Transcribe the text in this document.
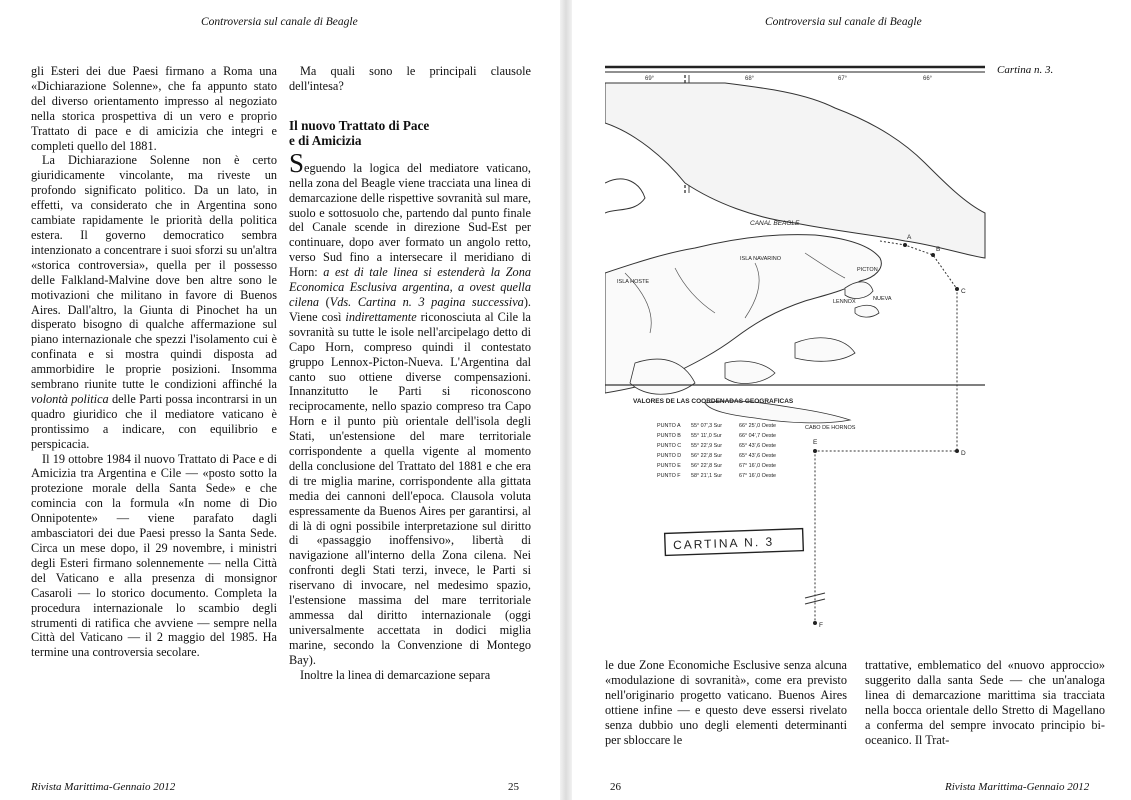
Controversia sul canale di Beagle

gli Esteri dei due Paesi firmano a Roma una «Dichiarazione Solenne», che fa appunto stato del diverso orientamento impresso al negoziato nella storica prospettiva di un vero e proprio Trattato di pace e di amicizia che integri e completi quello del 1881.

La Dichiarazione Solenne non è certo giuridicamente vincolante, ma riveste un profondo significato politico. Da un lato, in effetti, va considerato che in Argentina sono cambiate rapidamente le priorità della politica estera. Il governo democratico sembra intenzionato a concentrare i suoi sforzi su un'altra «storica controversia», quella per il possesso delle Falkland-Malvine dove ben altre sono le motivazioni che militano in favore di Buenos Aires. Dall'altro, la Giunta di Pinochet ha un disperato bisogno di qualche affermazione sul piano internazionale che spezzi l'isolamento cui è confinata e si mostra quindi disposta ad ammorbidire le proprie posizioni. Insomma sembrano riunite tutte le condizioni affinché la volontà politica delle Parti possa incontrarsi in un quadro giuridico che il mediatore vaticano è prontissimo a indicare, con equilibrio e perspicacia.

Il 19 ottobre 1984 il nuovo Trattato di Pace e di Amicizia tra Argentina e Cile — «posto sotto la protezione morale della Santa Sede» e che comincia con la formula «In nome di Dio Onnipotente» — viene parafato dagli ambasciatori dei due Paesi presso la Santa Sede. Circa un mese dopo, il 29 novembre, i ministri degli Esteri firmano solennemente — nella Città del Vaticano e alla presenza di monsignor Casaroli — lo storico documento. Completa la procedura internazionale lo scambio degli strumenti di ratifica che avviene — sempre nella Città del Vaticano — il 2 maggio del 1985. Ha termine una controversia secolare.

Ma quali sono le principali clausole dell'intesa?

Il nuovo Trattato di Pace
e di Amicizia

Seguendo la logica del mediatore vaticano, nella zona del Beagle viene tracciata una linea di demarcazione delle rispettive sovranità sul mare, suolo e sottosuolo che, partendo dal punto finale del Canale scende in direzione Sud-Est per continuare, dopo aver formato un angolo retto, verso Sud fino a intersecare il meridiano di Horn: a est di tale linea si estenderà la Zona Economica Esclusiva argentina, a ovest quella cilena (Vds. Cartina n. 3 pagina successiva). Viene così indirettamente riconosciuta al Cile la sovranità su tutte le isole nell'arcipelago detto di Capo Horn, compreso quindi il contestato gruppo Lennox-Picton-Nueva. L'Argentina dal canto suo ottiene diverse compensazioni. Innanzitutto le Parti si riconoscono reciprocamente, nello spazio compreso tra Capo Horn e il punto più orientale dell'isola degli Stati, un'estensione del mare territoriale corrispondente a quella vigente al momento della conclusione del Trattato del 1881 e che era di tre miglia marine, corrispondente alla gittata media dei cannoni dell'epoca. Clausola voluta espressamente da Buenos Aires per garantirsi, al di là di ogni possibile interpretazione sul diritto di «passaggio inoffensivo», libertà di navigazione all'interno della Zona cilena. Nei confronti degli Stati terzi, invece, le Parti si riservano di invocare, nel medesimo spazio, l'estensione massima del mare territoriale ammessa dal diritto internazionale (oggi universalmente accettata in dodici miglia marine, secondo la Convenzione di Montego Bay).

Inoltre la linea di demarcazione separa

Rivista Marittima-Gennaio 2012	25
Controversia sul canale di Beagle
69°	68°	67°	66°
CANAL BEAGLE
ISLA NAVARINO
ISLA HOSTE
PICTON
LENNOX	NUEVA
CABO DE HORNOS
A
B
C
D
E
F
VALORES DE LAS COORDENADAS GEOGRAFICAS
PUNTO A 55° 07',3 Sur	66° 25',0 Oeste
PUNTO B 55° 11',0 Sur	66° 04',7 Oeste
PUNTO C 55° 22',9 Sur	65° 43',6 Oeste
PUNTO D 56° 22',8 Sur	65° 43',6 Oeste
PUNTO E 56° 22',8 Sur	67° 16',0 Oeste
PUNTO F 58° 21',1 Sur	67° 16',0 Oeste
CARTINA N. 3
Cartina n. 3.

le due Zone Economiche Esclusive senza alcuna «modulazione di sovranità», come era previsto nell'originario progetto vaticano. Buenos Aires ottiene infine — e questo deve essersi rivelato senza dubbio uno degli elementi determinanti per sbloccare le

trattative, emblematico del «nuovo approccio» suggerito dalla santa Sede — che un'analoga linea di demarcazione marittima sia tracciata nella bocca orientale dello Stretto di Magellano a conferma del sempre invocato principio bi-oceanico. Il Trat-

26	Rivista Marittima-Gennaio 2012
